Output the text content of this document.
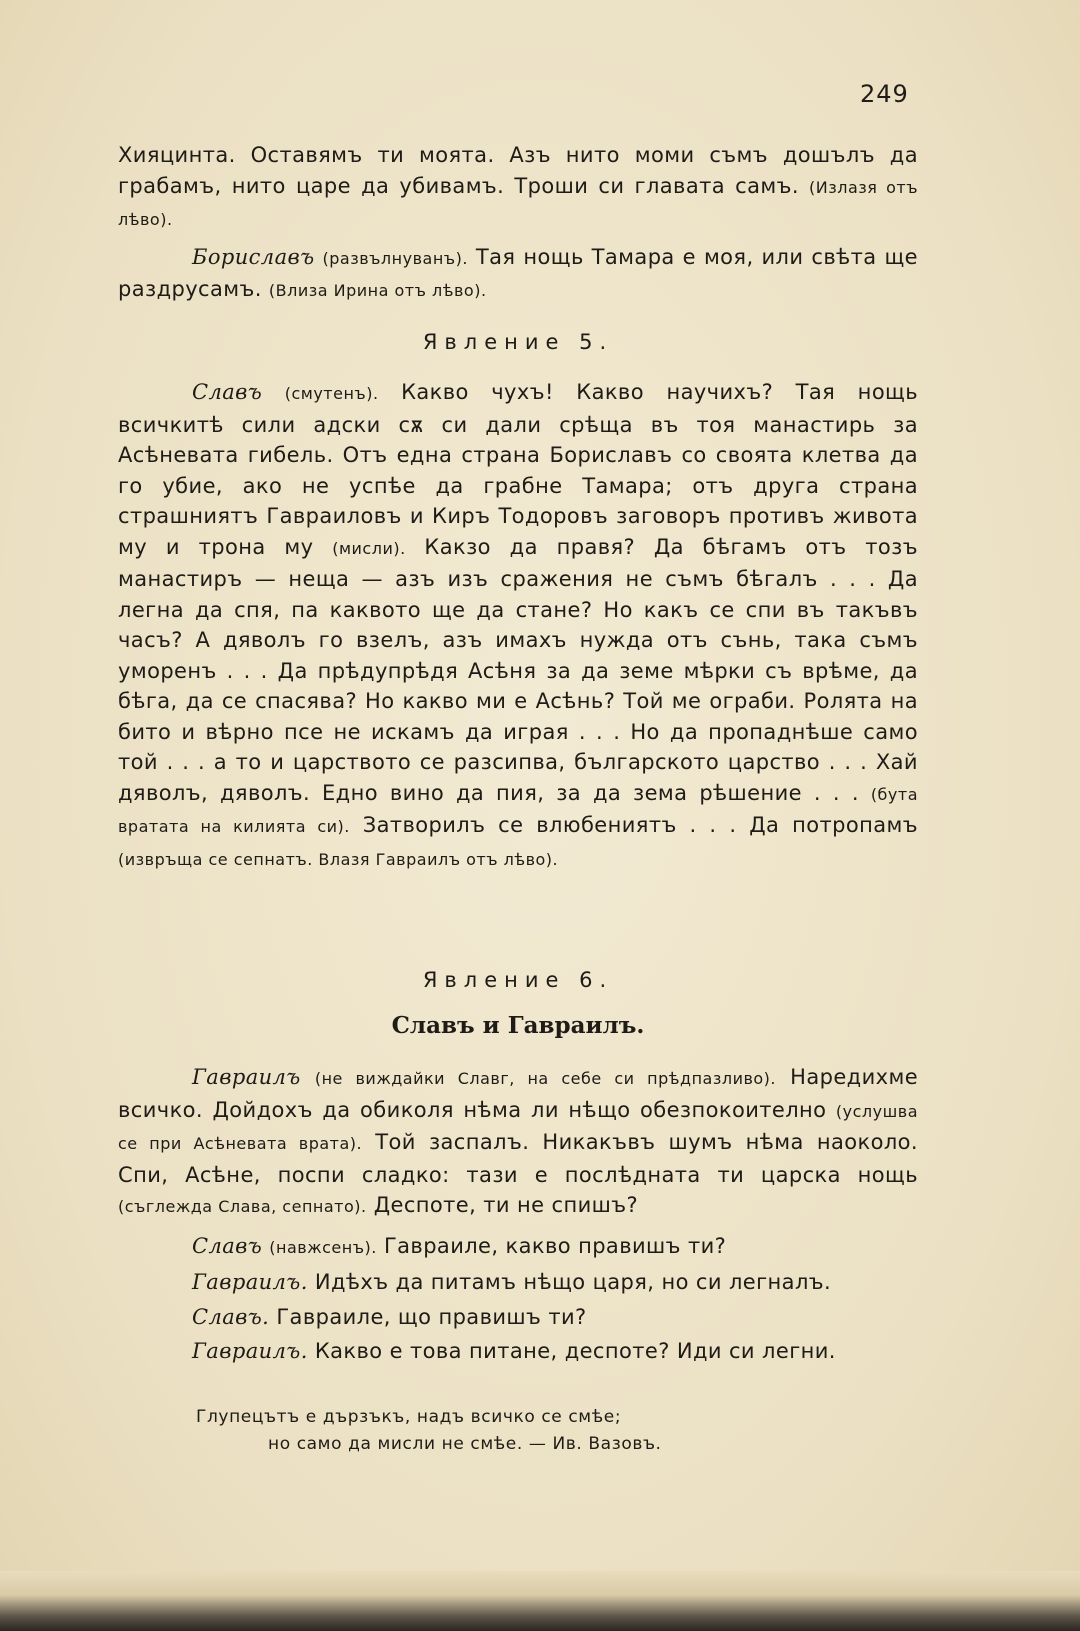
249

Хияцинта. Оставямъ ти моята. Азъ нито моми съмъ дошълъ да грабамъ, нито царе да убивамъ. Троши си главата самъ. (Излазя отъ лѣво).

Бориславъ (развълнуванъ). Тая нощь Тамара е моя, или свѣта ще раздрусамъ. (Влиза Ирина отъ лѣво).

Явление 5.

Славъ (смутенъ). Какво чухъ! Какво научихъ? Тая нощь всичкитѣ сили адски сѫ си дали срѣща въ тоя манастирь за Асѣневата гибель. Отъ една страна Бориславъ со своята клетва да го убие, ако не успѣе да грабне Тамара; отъ друга страна страшниятъ Гавраиловъ и Киръ Тодоровъ заговоръ противъ живота му и трона му (мисли). Какзо да правя? Да бѣгамъ отъ тозъ манастиръ — неща — азъ изъ сражения не съмъ бѣгалъ . . . Да легна да спя, па каквото ще да стане? Но какъ се спи въ такъвъ часъ? А дяволъ го взелъ, азъ имахъ нужда отъ сънь, така съмъ уморенъ . . . Да прѣдупрѣдя Асѣня за да земе мѣрки съ врѣме, да бѣга, да се спасява? Но какво ми е Асѣнь? Той ме ограби. Ролята на бито и вѣрно псе не искамъ да играя . . . Но да пропаднѣше само той . . . а то и царството се разсипва, българското царство . . . Хай дяволъ, дяволъ. Едно вино да пия, за да зема рѣшение . . . (бута вратата на килията си). Затворилъ се влюбениятъ . . . Да потропамъ (извръща се сепнатъ. Влазя Гавраилъ отъ лѣво).

Явление 6.
Славъ и Гавраилъ.

Гавраилъ (не виждайки Славг, на себе си прѣдпазливо). Наредихме всичко. Дойдохъ да обиколя нѣма ли нѣщо обезпокоително (услушва се при Асѣневата врата). Той заспалъ. Никакъвъ шумъ нѣма наоколо. Спи, Асѣне, поспи сладко: тази е послѣдната ти царска нощь (съглежда Слава, сепнато). Деспоте, ти не спишъ?

Славъ (навжсенъ). Гавраиле, какво правишъ ти?

Гавраилъ. Идѣхъ да питамъ нѣщо царя, но си легналъ.

Славъ. Гавраиле, що правишъ ти?

Гавраилъ. Какво е това питане, деспоте? Иди си легни.

Глупецътъ е дързъкъ, надъ всичко се смѣе;
но само да мисли не смѣе. — Ив. Вазовъ.
